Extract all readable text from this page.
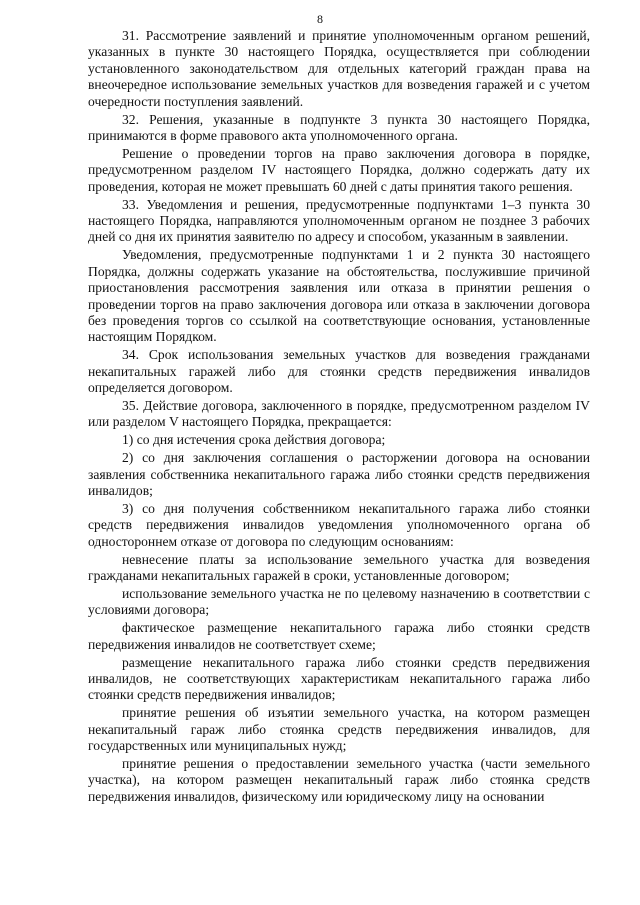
8

31. Рассмотрение заявлений и принятие уполномоченным органом решений, указанных в пункте 30 настоящего Порядка, осуществляется при соблюдении установленного законодательством для отдельных категорий граждан права на внеочередное использование земельных участков для возведения гаражей и с учетом очередности поступления заявлений.

32. Решения, указанные в подпункте 3 пункта 30 настоящего Порядка, принимаются в форме правового акта уполномоченного органа.

Решение о проведении торгов на право заключения договора в порядке, предусмотренном разделом IV настоящего Порядка, должно содержать дату их проведения, которая не может превышать 60 дней с даты принятия такого решения.

33. Уведомления и решения, предусмотренные подпунктами 1–3 пункта 30 настоящего Порядка, направляются уполномоченным органом не позднее 3 рабочих дней со дня их принятия заявителю по адресу и способом, указанным в заявлении.

Уведомления, предусмотренные подпунктами 1 и 2 пункта 30 настоящего Порядка, должны содержать указание на обстоятельства, послужившие причиной приостановления рассмотрения заявления или отказа в принятии решения о проведении торгов на право заключения договора или отказа в заключении договора без проведения торгов со ссылкой на соответствующие основания, установленные настоящим Порядком.

34. Срок использования земельных участков для возведения гражданами некапитальных гаражей либо для стоянки средств передвижения инвалидов определяется договором.

35. Действие договора, заключенного в порядке, предусмотренном разделом IV или разделом V настоящего Порядка, прекращается:

1) со дня истечения срока действия договора;

2) со дня заключения соглашения о расторжении договора на основании заявления собственника некапитального гаража либо стоянки средств передвижения инвалидов;

3) со дня получения собственником некапитального гаража либо стоянки средств передвижения инвалидов уведомления уполномоченного органа об одностороннем отказе от договора по следующим основаниям:

невнесение платы за использование земельного участка для возведения гражданами некапитальных гаражей в сроки, установленные договором;

использование земельного участка не по целевому назначению в соответствии с условиями договора;

фактическое размещение некапитального гаража либо стоянки средств передвижения инвалидов не соответствует схеме;

размещение некапитального гаража либо стоянки средств передвижения инвалидов, не соответствующих характеристикам некапитального гаража либо стоянки средств передвижения инвалидов;

принятие решения об изъятии земельного участка, на котором размещен некапитальный гараж либо стоянка средств передвижения инвалидов, для государственных или муниципальных нужд;

принятие решения о предоставлении земельного участка (части земельного участка), на котором размещен некапитальный гараж либо стоянка средств передвижения инвалидов, физическому или юридическому лицу на основании
